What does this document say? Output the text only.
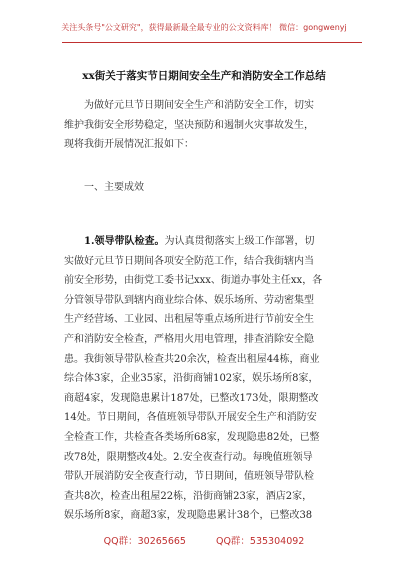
关注头条号"公文研究"，获得最新最全最专业的公文资料库！ 微信：gongwenyj
xx街关于落实节日期间安全生产和消防安全工作总结
为做好元旦节日期间安全生产和消防安全工作，切实
维护我街安全形势稳定，坚决预防和遏制火灾事故发生，
现将我街开展情况汇报如下：
一、主要成效
1.领导带队检查。为认真贯彻落实上级工作部署，切
实做好元旦节日期间各项安全防范工作，结合我街辖内当
前安全形势，由街党工委书记xxx、街道办事处主任xx，各
分管领导带队到辖内商业综合体、娱乐场所、劳动密集型
生产经营场、工业园、出租屋等重点场所进行节前安全生
产和消防安全检查，严格用火用电管理，排查消除安全隐
患。我街领导带队检查共20余次，检查出租屋44栋，商业
综合体3家，企业35家，沿街商铺102家，娱乐场所8家，
商超4家，发现隐患累计187处，已整改173处，限期整改
14处。节日期间，各值班领导带队开展安全生产和消防安
全检查工作，共检查各类场所68家，发现隐患82处，已整
改78处，限期整改4处。2.安全夜查行动。每晚值班领导
带队开展消防安全夜查行动，节日期间，值班领导带队检
查共8次，检查出租屋22栋，沿街商铺23家，酒店2家，
娱乐场所8家，商超3家，发现隐患累计38个，已整改38
QQ群：30265665	QQ群：535304092
